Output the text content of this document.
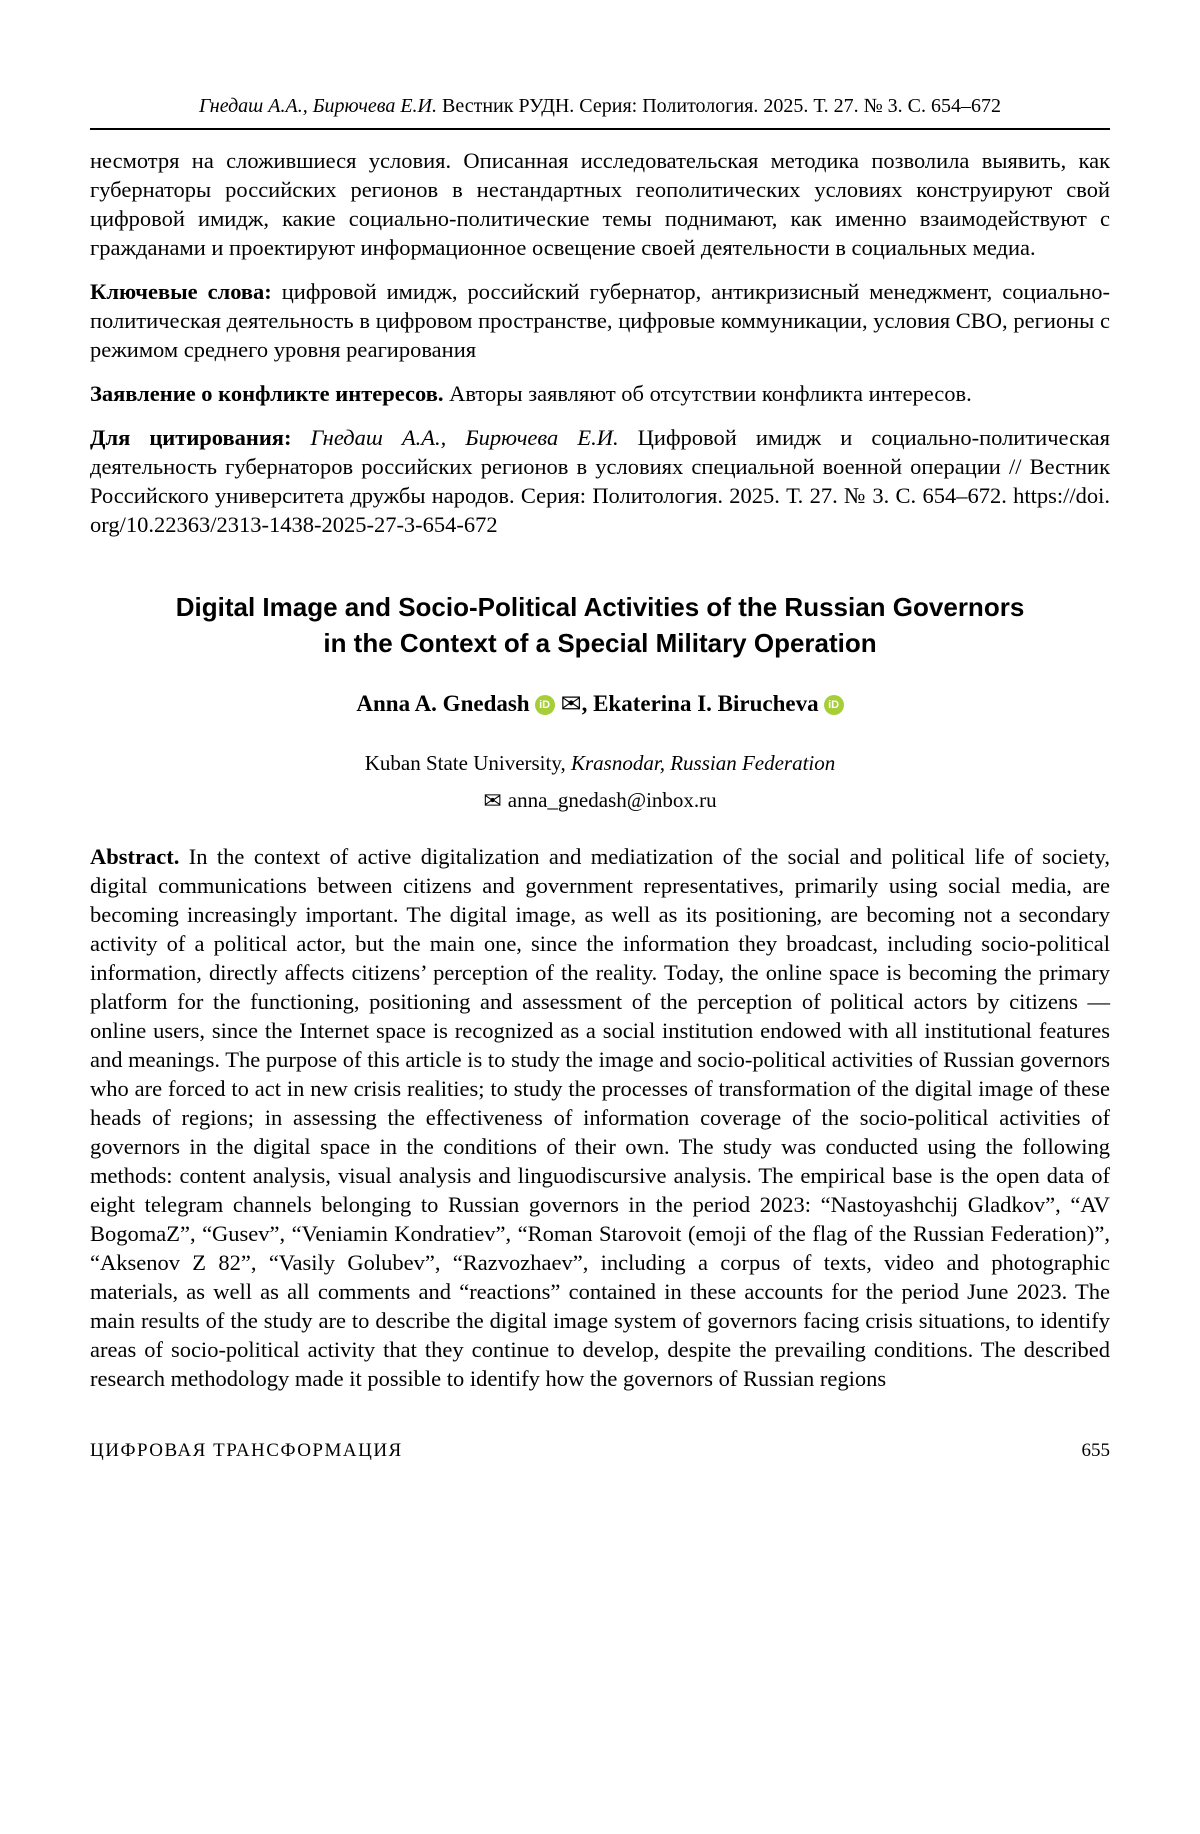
Гнедаш А.А., Бирючева Е.И. Вестник РУДН. Серия: Политология. 2025. Т. 27. № 3. С. 654–672

несмотря на сложившиеся условия. Описанная исследовательская методика позволила выявить, как губернаторы российских регионов в нестандартных геополитических условиях конструируют свой цифровой имидж, какие социально-политические темы поднимают, как именно взаимодействуют с гражданами и проектируют информационное освещение своей деятельности в социальных медиа.

Ключевые слова: цифровой имидж, российский губернатор, антикризисный менеджмент, социально-политическая деятельность в цифровом пространстве, цифровые коммуникации, условия СВО, регионы с режимом среднего уровня реагирования

Заявление о конфликте интересов. Авторы заявляют об отсутствии конфликта интересов.

Для цитирования: Гнедаш А.А., Бирючева Е.И. Цифровой имидж и социально-политическая деятельность губернаторов российских регионов в условиях специальной военной операции // Вестник Российского университета дружбы народов. Серия: Политология. 2025. Т. 27. № 3. С. 654–672. https://doi.org/10.22363/2313-1438-2025-27-3-654-672

Digital Image and Socio-Political Activities of the Russian Governors in the Context of a Special Military Operation
Anna A. Gnedash iD ✉, Ekaterina I. Birucheva iD
Kuban State University, Krasnodar, Russian Federation
✉ anna_gnedash@inbox.ru

Abstract. In the context of active digitalization and mediatization of the social and political life of society, digital communications between citizens and government representatives, primarily using social media, are becoming increasingly important. The digital image, as well as its positioning, are becoming not a secondary activity of a political actor, but the main one, since the information they broadcast, including socio-political information, directly affects citizens’ perception of the reality. Today, the online space is becoming the primary platform for the functioning, positioning and assessment of the perception of political actors by citizens — online users, since the Internet space is recognized as a social institution endowed with all institutional features and meanings. The purpose of this article is to study the image and socio-political activities of Russian governors who are forced to act in new crisis realities; to study the processes of transformation of the digital image of these heads of regions; in assessing the effectiveness of information coverage of the socio-political activities of governors in the digital space in the conditions of their own. The study was conducted using the following methods: content analysis, visual analysis and linguodiscursive analysis. The empirical base is the open data of eight telegram channels belonging to Russian governors in the period 2023: “Nastoyashchij Gladkov”, “AV BogomaZ”, “Gusev”, “Veniamin Kondratiev”, “Roman Starovoit (emoji of the flag of the Russian Federation)”, “Aksenov Z 82”, “Vasily Golubev”, “Razvozhaev”, including a corpus of texts, video and photographic materials, as well as all comments and “reactions” contained in these accounts for the period June 2023. The main results of the study are to describe the digital image system of governors facing crisis situations, to identify areas of socio-political activity that they continue to develop, despite the prevailing conditions. The described research methodology made it possible to identify how the governors of Russian regions

ЦИФРОВАЯ ТРАНСФОРМАЦИЯ	655
